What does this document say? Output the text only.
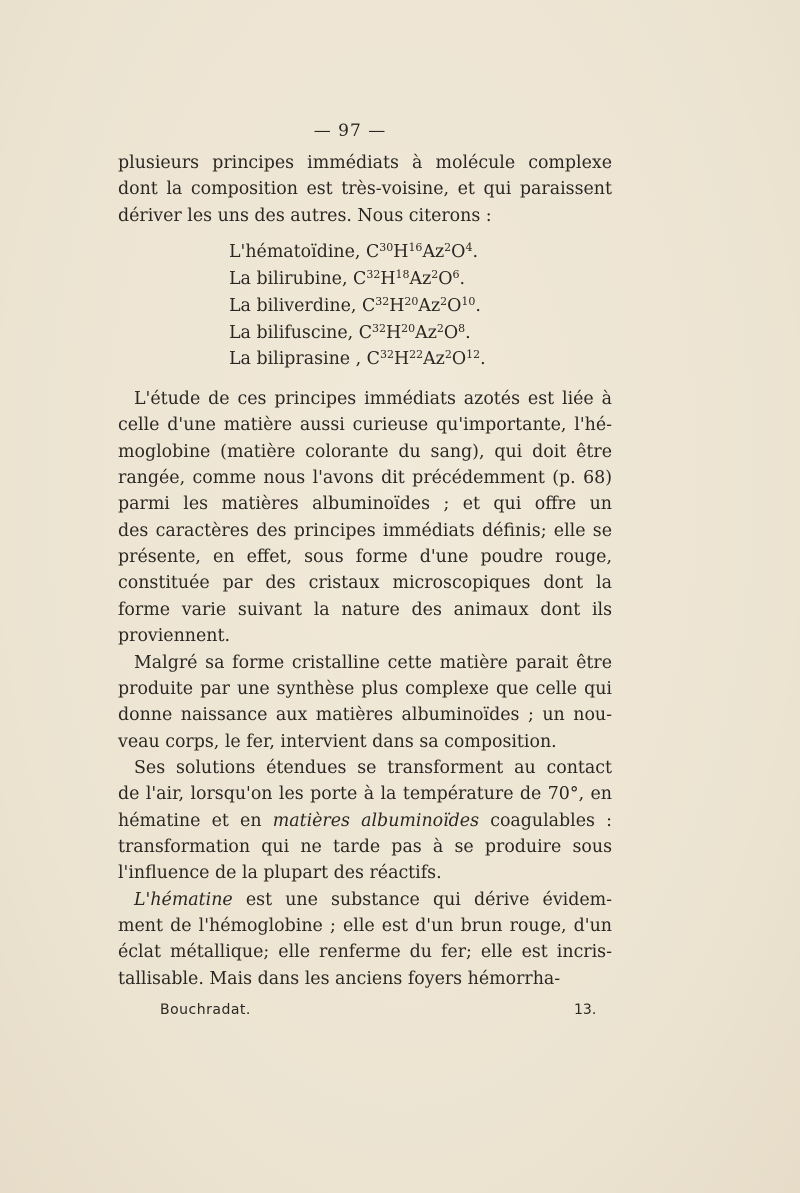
— 97 —
plusieurs principes immédiats à molécule complexe
dont la composition est très-voisine, et qui paraissent
dériver les uns des autres. Nous citerons :
L'hématoïdine, $C^{30}H^{16}Az^2O^4$.
La bilirubine, $C^{32}H^{18}Az^2O^6$.
La biliverdine, $C^{32}H^{20}Az^2O^{10}$.
La bilifuscine, $C^{32}H^{20}Az^2O^8$.
La biliprasine , $C^{32}H^{22}Az^2O^{12}$.
L'étude de ces principes immédiats azotés est liée à
celle d'une matière aussi curieuse qu'importante, l'hé-
moglobine (matière colorante du sang), qui doit être
rangée, comme nous l'avons dit précédemment (p. 68)
parmi les matières albuminoïdes ; et qui offre un
des caractères des principes immédiats définis; elle se
présente, en effet, sous forme d'une poudre rouge,
constituée par des cristaux microscopiques dont la
forme varie suivant la nature des animaux dont ils
proviennent.
Malgré sa forme cristalline cette matière parait être
produite par une synthèse plus complexe que celle qui
donne naissance aux matières albuminoïdes ; un nou-
veau corps, le fer, intervient dans sa composition.
Ses solutions étendues se transforment au contact
de l'air, lorsqu'on les porte à la température de 70°, en
hématine et en matières albuminoïdes coagulables :
transformation qui ne tarde pas à se produire sous
l'influence de la plupart des réactifs.
L'hématine est une substance qui dérive évidem-
ment de l'hémoglobine ; elle est d'un brun rouge, d'un
éclat métallique; elle renferme du fer; elle est incris-
tallisable. Mais dans les anciens foyers hémorrha-
Bouchradat.	13.
